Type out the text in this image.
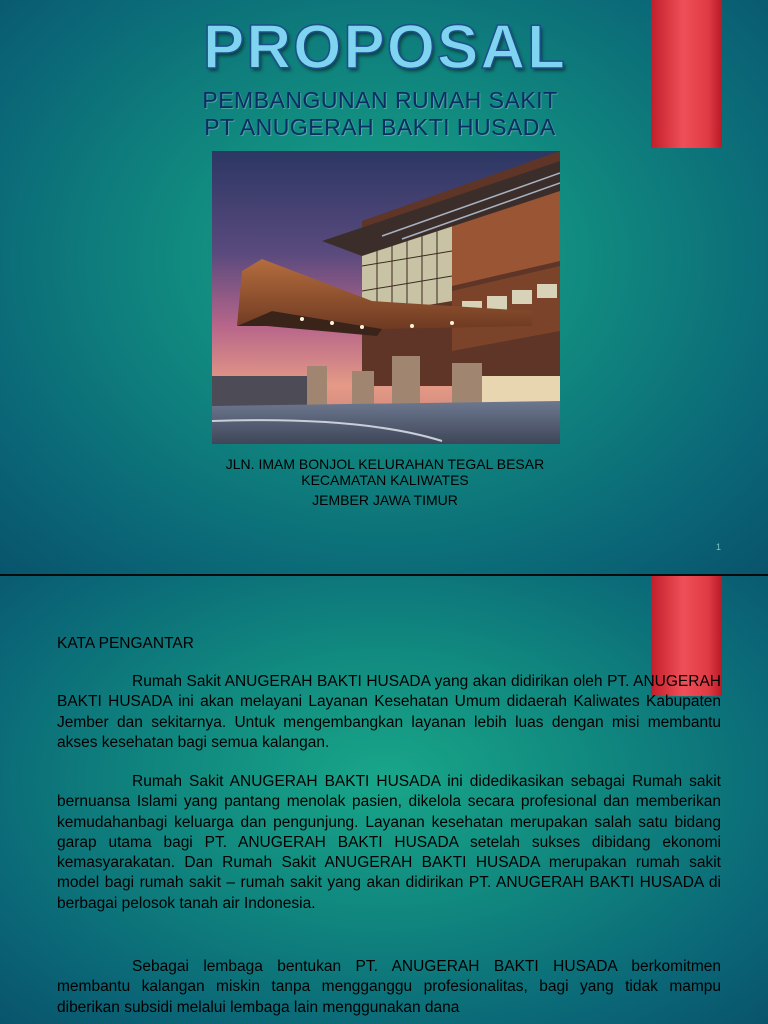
PROPOSAL
PEMBANGUNAN RUMAH SAKIT
PT ANUGERAH BAKTI HUSADA
JLN. IMAM BONJOL KELURAHAN TEGAL BESAR
KECAMATAN KALIWATES
JEMBER JAWA TIMUR
1
KATA PENGANTAR

Rumah Sakit ANUGERAH BAKTI HUSADA yang akan didirikan oleh PT. ANUGERAH BAKTI HUSADA ini akan melayani Layanan Kesehatan Umum didaerah Kaliwates Kabupaten Jember dan sekitarnya. Untuk mengembangkan layanan lebih luas dengan misi membantu akses kesehatan bagi semua kalangan.

Rumah Sakit ANUGERAH BAKTI HUSADA ini didedikasikan sebagai Rumah sakit bernuansa Islami yang pantang menolak pasien, dikelola secara profesional dan memberikan kemudahanbagi keluarga dan pengunjung. Layanan kesehatan merupakan salah satu bidang garap utama bagi PT. ANUGERAH BAKTI HUSADA setelah sukses dibidang ekonomi kemasyarakatan. Dan Rumah Sakit ANUGERAH BAKTI HUSADA merupakan rumah sakit model bagi rumah sakit – rumah sakit yang akan didirikan PT. ANUGERAH BAKTI HUSADA di berbagai pelosok tanah air Indonesia.

Sebagai lembaga bentukan PT. ANUGERAH BAKTI HUSADA berkomitmen membantu kalangan miskin tanpa mengganggu profesionalitas, bagi yang tidak mampu diberikan subsidi melalui lembaga lain menggunakan dana
